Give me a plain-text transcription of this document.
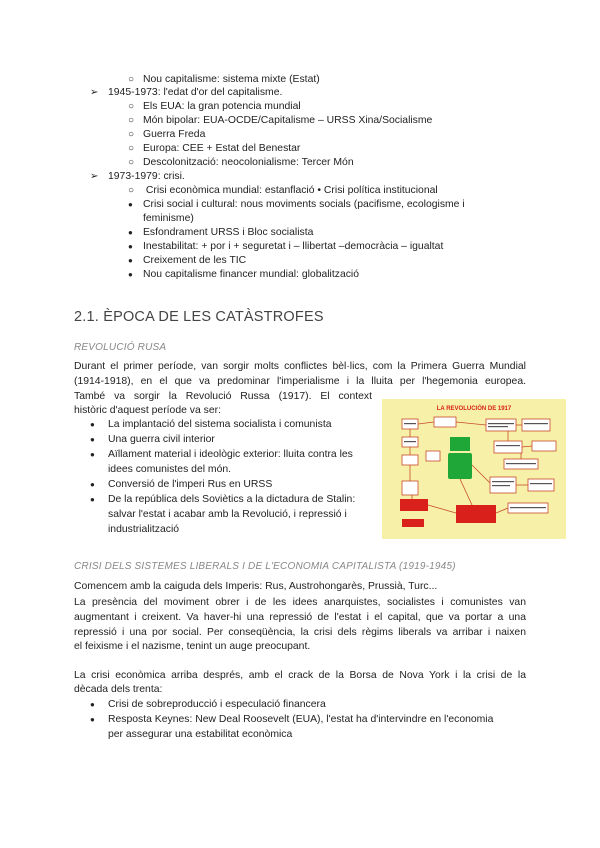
○ Nou capitalisme: sistema mixte (Estat)
➢ 1945-1973: l'edat d'or del capitalisme.
○ Els EUA: la gran potencia mundial
○ Món bipolar: EUA-OCDE/Capitalisme – URSS Xina/Socialisme
○ Guerra Freda
○ Europa: CEE + Estat del Benestar
○ Descolonització: neocolonialisme: Tercer Món
➢ 1973-1979: crisi.
○ Crisi econòmica mundial: estanflació • Crisi política institucional
● Crisi social i cultural: nous moviments socials (pacifisme, ecologisme i
feminisme)
● Esfondrament URSS i Bloc socialista
● Inestabilitat: + por i + seguretat i – llibertat –democràcia – igualtat
● Creixement de les TIC
● Nou capitalisme financer mundial: globalització
2.1. ÈPOCA DE LES CATÀSTROFES
REVOLUCIÓ RUSA
Durant el primer període, van sorgir molts conflictes bèl·lics, com la Primera Guerra Mundial
(1914-1918), en el que va predominar l'imperialisme i la lluita per l'hegemonia europea.
També va sorgir la Revolució Russa (1917). El context
històric d'aquest període va ser:
● La implantació del sistema socialista i comunista
● Una guerra civil interior
● Aïllament material i ideològic exterior: lluita contra les
idees comunistes del món.
● Conversió de l'imperi Rus en URSS
● De la república dels Soviètics a la dictadura de Stalin:
salvar l'estat i acabar amb la Revolució, i repressió i
industrialització
LA REVOLUCIÓN DE 1917
CRISI DELS SISTEMES LIBERALS I DE L'ECONOMIA CAPITALISTA (1919-1945)
Comencem amb la caiguda dels Imperis: Rus, Austrohongarès, Prussià, Turc...
La presència del moviment obrer i de les idees anarquistes, socialistes i comunistes van
augmentant i creixent. Va haver-hi una repressió de l'estat i el capital, que va portar a una
repressió i una por social. Per conseqüència, la crisi dels règims liberals va arribar i naixen
el feixisme i el nazisme, tenint un auge preocupant.
La crisi econòmica arriba després, amb el crack de la Borsa de Nova York i la crisi de la
dècada dels trenta:
● Crisi de sobreproducció i especulació financera
● Resposta Keynes: New Deal Roosevelt (EUA), l'estat ha d'intervindre en l'economia
per assegurar una estabilitat econòmica
